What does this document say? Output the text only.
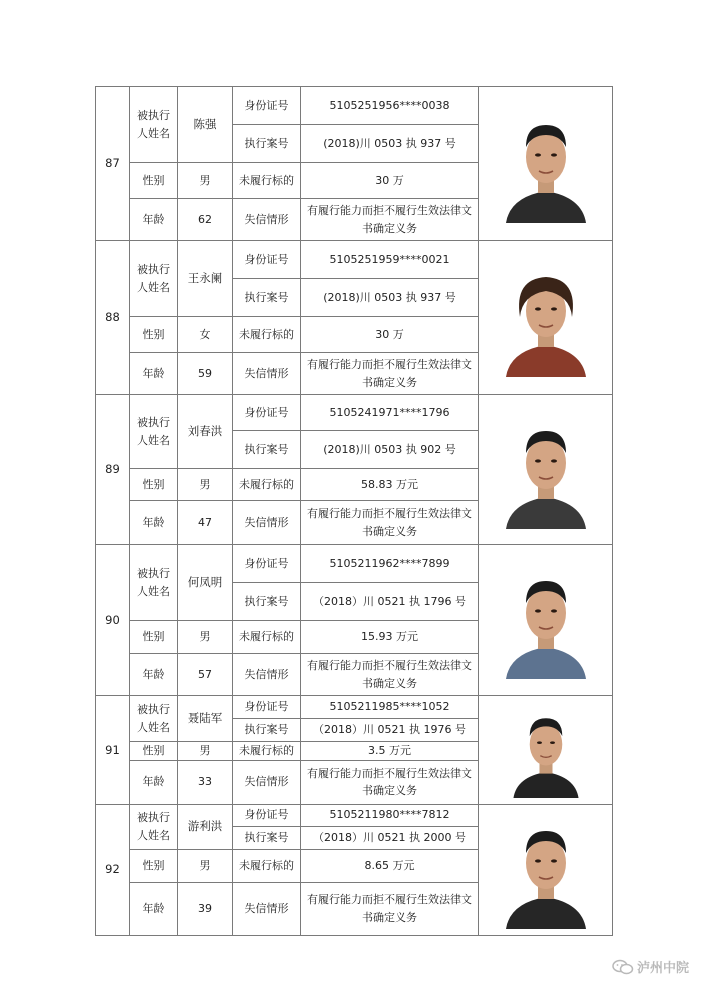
87	被执行人姓名	陈强	身份证号	5105251956****0038	

			执行案号	(2018)川 0503 执 937 号	
	性别	男	未履行标的	30 万	
	年龄	62	失信情形	有履行能力而拒不履行生效法律文书确定义务	
88	被执行人姓名	王永阑	身份证号	5105251959****0021	

			执行案号	(2018)川 0503 执 937 号	
	性别	女	未履行标的	30 万	
	年龄	59	失信情形	有履行能力而拒不履行生效法律文书确定义务	
89	被执行人姓名	刘春洪	身份证号	5105241971****1796	

			执行案号	(2018)川 0503 执 902 号	
	性别	男	未履行标的	58.83 万元	
	年龄	47	失信情形	有履行能力而拒不履行生效法律文书确定义务	
90	被执行人姓名	何凤明	身份证号	5105211962****7899	

			执行案号	（2018）川 0521 执 1796 号	
	性别	男	未履行标的	15.93 万元	
	年龄	57	失信情形	有履行能力而拒不履行生效法律文书确定义务	
91	被执行人姓名	聂陆军	身份证号	5105211985****1052	

			执行案号	（2018）川 0521 执 1976 号	
	性别	男	未履行标的	3.5 万元	
	年龄	33	失信情形	有履行能力而拒不履行生效法律文书确定义务	
92	被执行人姓名	游利洪	身份证号	5105211980****7812	

			执行案号	（2018）川 0521 执 2000 号	
	性别	男	未履行标的	8.65 万元	
	年龄	39	失信情形	有履行能力而拒不履行生效法律文书确定义务	
泸州中院
